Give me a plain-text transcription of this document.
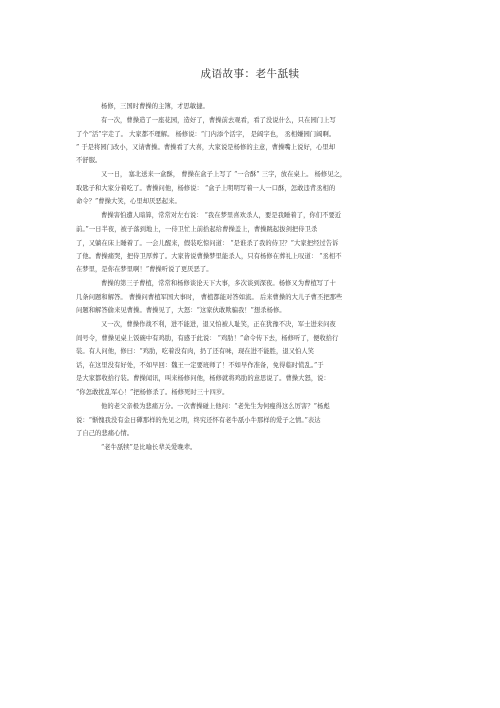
成语故事：老牛舐犊
杨修，三国时曹操的主簿，才思敏捷。
有一次，曹操造了一座花园，造好了，曹操前去观看，看了没说什么，只在园门上写
了个“活”字走了。 大家都不理解。 杨修说：“门内添个活字， 是阔字也， 丞相嫌园门阔啊。
” 于是将园门改小，又请曹操。曹操看了大喜，大家说是杨修的主意，曹操嘴上说好，心里却
不舒服。
又一日， 塞北送来一盒酥， 曹操在盒子上写了 “一合酥” 三字，放在桌上。 杨修见之，
取匙子和大家分着吃了。曹操问他，杨修说： “盒子上明明写着一人一口酥，怎敢违背丞相的
命令？”曹操大笑，心里却厌恶起来。
曹操害怕遭人暗算，常常对左右说： “我在梦里喜欢杀人，要是我睡着了，你们不要近
前。”一日半夜，被子落到地上，一侍卫忙上前拾起给曹操盖上，曹操跳起拔剑把侍卫杀
了，又躺在床上睡着了。一会儿醒来，假装吃惊问道： “是谁杀了我的侍卫？”大家把经过告诉
了他。曹操痛哭，把侍卫厚葬了。大家皆说曹操梦里能杀人，只有杨修在葬礼上叹道： “丞相不
在梦里，是你在梦里啊！”曹操听说了更厌恶了。
曹操的第三子曹植，常常和杨修谈论天下大事，多次谈到深夜。杨修又为曹植写了十
几条问题和解答。 曹操问曹植军国大事时， 曹植都能对答如流。 后来曹操的大儿子曹丕把那些
问题和解答偷来见曹操。曹操见了，大怒：“这家伙敢欺骗我！”想杀杨修。
又一次，曹操作战不利，进不能进，退又怕被人耻笑，正在犹豫不决，军士进来问夜
间号令，曹操见桌上饭碗中有鸡肋，有感于此说： “鸡肋！”命令传下去，杨修听了，便收拾行
装。有人问他，修曰：“鸡肋，吃着没有肉，扔了还有味，现在进不能胜，退又怕人笑
话，在这里没有好处，不如早回：魏王一定要班师了！不如早作准备，免得临时慌乱。”于
是大家都收拾行装。曹操闻讯，叫来杨修问他，杨修就将鸡肋的意思说了。曹操大怒，说：
“你怎敢扰乱军心！”把杨修杀了。杨修死时三十四岁。
他的老父亲极为悲痛万分。一次曹操碰上他问：“老先生为何瘦得这么厉害？”杨彪
说：“惭愧我没有金日磾那样的先见之明，终究还怀有老牛舐小牛那样的爱子之情。”表达
了自己的悲痛心情。
“老牛舐犊”是比喻长辈关爱晚辈。
